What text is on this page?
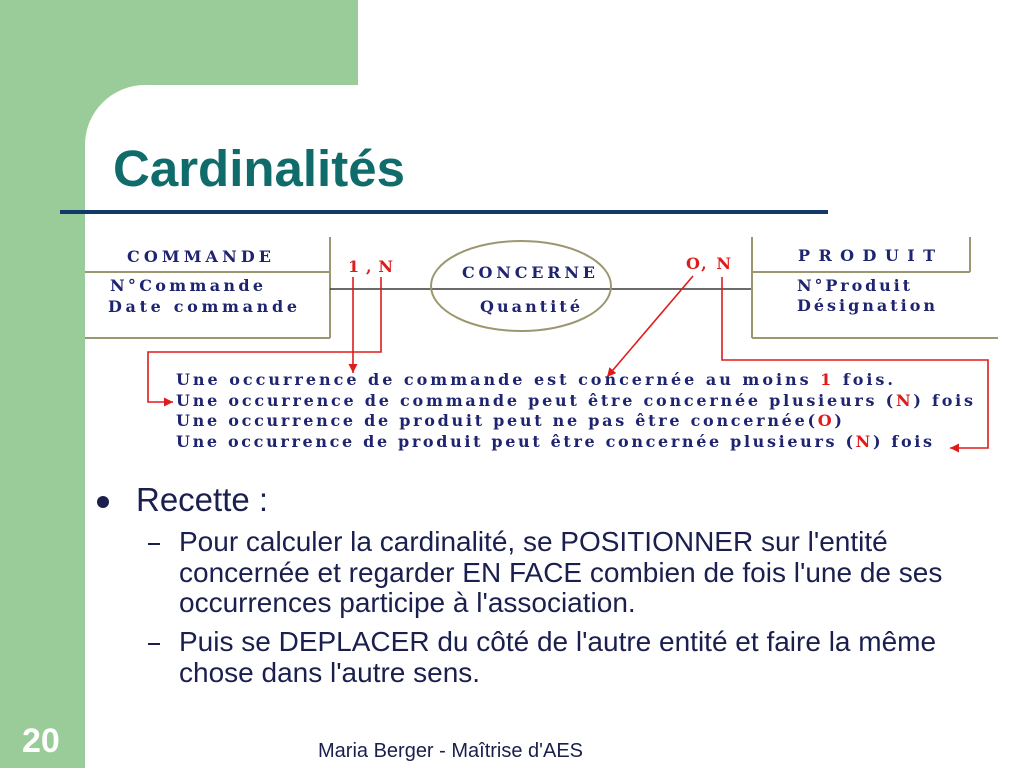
Cardinalités
COMMANDE
N°Commande
Date commande
CONCERNE
Quantité
PRODUIT
N°Produit
Désignation
1 , N	O, N
Une occurrence de commande est concernée au moins 1 fois.
Une occurrence de commande peut être concernée plusieurs ( N ) fois
Une occurrence de produit peut ne pas être concernée( O )
Une occurrence de produit peut être concernée plusieurs ( N ) fois
Recette :
Pour calculer la cardinalité, se POSITIONNER sur l'entité concernée et regarder EN FACE combien de fois l'une de ses occurrences participe à l'association.
Puis se DEPLACER du côté de l'autre entité et faire la même chose dans l'autre sens.
Maria Berger - Maîtrise d'AES
20
